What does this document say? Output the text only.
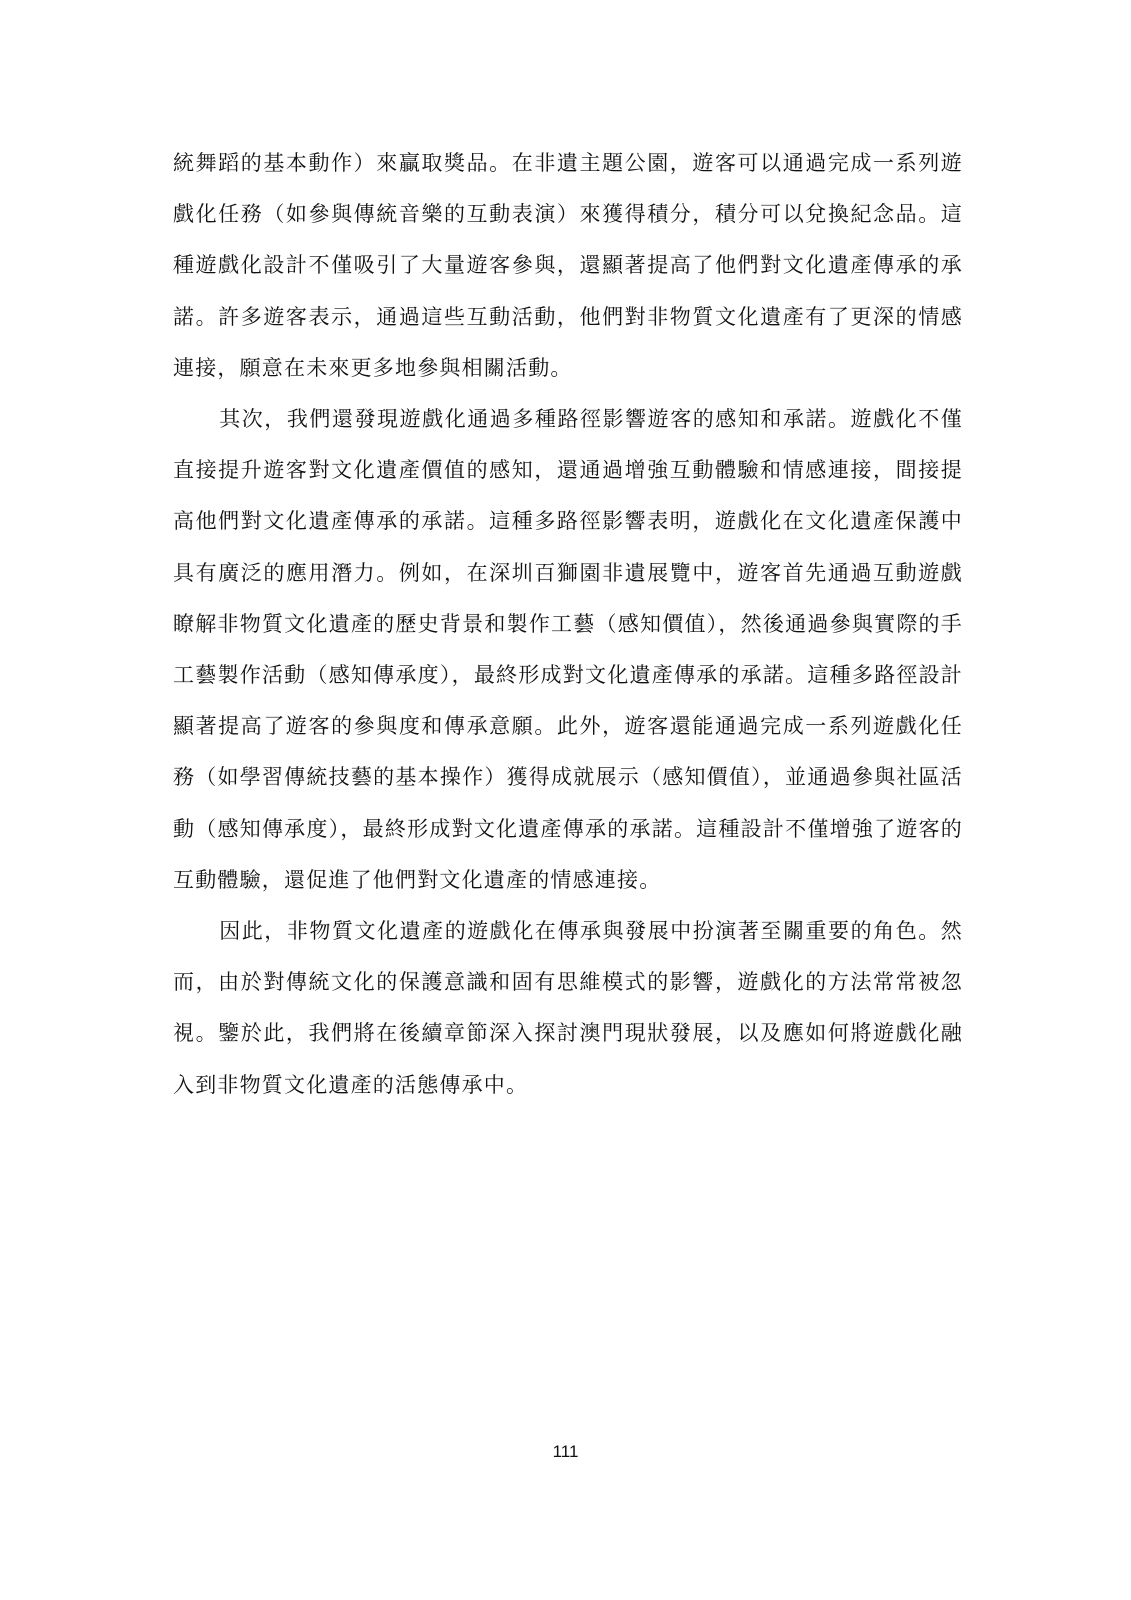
統舞蹈的基本動作）來贏取獎品。在非遺主題公園，遊客可以通過完成一系列遊戲化任務（如參與傳統音樂的互動表演）來獲得積分，積分可以兌換紀念品。這種遊戲化設計不僅吸引了大量遊客參與，還顯著提高了他們對文化遺產傳承的承諾。許多遊客表示，通過這些互動活動，他們對非物質文化遺產有了更深的情感連接，願意在未來更多地參與相關活動。

其次，我們還發現遊戲化通過多種路徑影響遊客的感知和承諾。遊戲化不僅直接提升遊客對文化遺產價值的感知，還通過增強互動體驗和情感連接，間接提高他們對文化遺產傳承的承諾。這種多路徑影響表明，遊戲化在文化遺產保護中具有廣泛的應用潛力。例如，在深圳百獅園非遺展覽中，遊客首先通過互動遊戲瞭解非物質文化遺產的歷史背景和製作工藝（感知價值），然後通過參與實際的手工藝製作活動（感知傳承度），最終形成對文化遺產傳承的承諾。這種多路徑設計顯著提高了遊客的參與度和傳承意願。此外，遊客還能通過完成一系列遊戲化任務（如學習傳統技藝的基本操作）獲得成就展示（感知價值），並通過參與社區活動（感知傳承度），最終形成對文化遺產傳承的承諾。這種設計不僅增強了遊客的互動體驗，還促進了他們對文化遺產的情感連接。

因此，非物質文化遺產的遊戲化在傳承與發展中扮演著至關重要的角色。然而，由於對傳統文化的保護意識和固有思維模式的影響，遊戲化的方法常常被忽視。鑒於此，我們將在後續章節深入探討澳門現狀發展，以及應如何將遊戲化融入到非物質文化遺產的活態傳承中。

111
